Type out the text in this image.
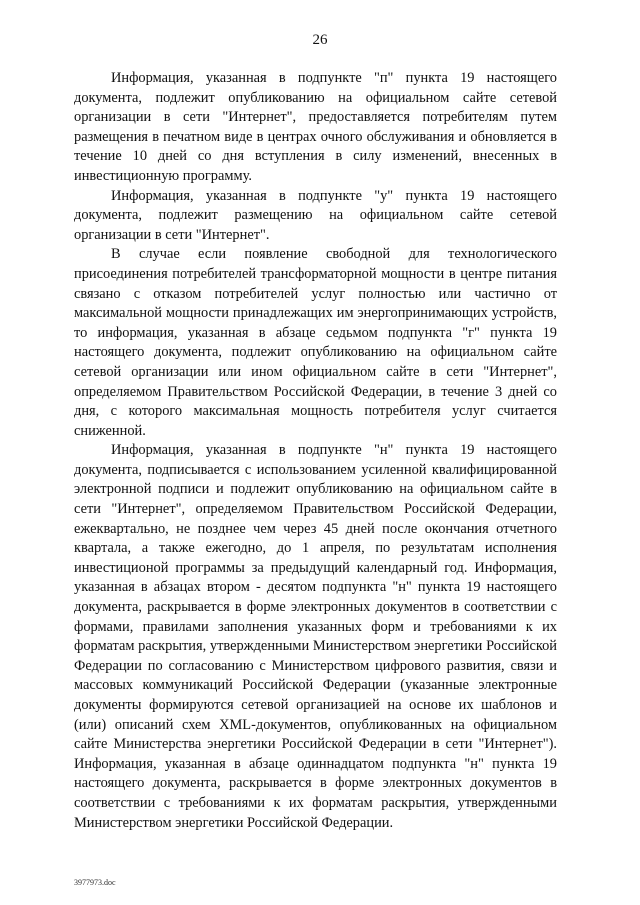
26

Информация, указанная в подпункте "п" пункта 19 настоящего документа, подлежит опубликованию на официальном сайте сетевой организации в сети "Интернет", предоставляется потребителям путем размещения в печатном виде в центрах очного обслуживания и обновляется в течение 10 дней со дня вступления в силу изменений, внесенных в инвестиционную программу.

Информация, указанная в подпункте "у" пункта 19 настоящего документа, подлежит размещению на официальном сайте сетевой организации в сети "Интернет".

В случае если появление свободной для технологического присоединения потребителей трансформаторной мощности в центре питания связано с отказом потребителей услуг полностью или частично от максимальной мощности принадлежащих им энергопринимающих устройств, то информация, указанная в абзаце седьмом подпункта "г" пункта 19 настоящего документа, подлежит опубликованию на официальном сайте сетевой организации или ином официальном сайте в сети "Интернет", определяемом Правительством Российской Федерации, в течение 3 дней со дня, с которого максимальная мощность потребителя услуг считается сниженной.

Информация, указанная в подпункте "н" пункта 19 настоящего документа, подписывается с использованием усиленной квалифицированной электронной подписи и подлежит опубликованию на официальном сайте в сети "Интернет", определяемом Правительством Российской Федерации, ежеквартально, не позднее чем через 45 дней после окончания отчетного квартала, а также ежегодно, до 1 апреля, по результатам исполнения инвестиционой программы за предыдущий календарный год. Информация, указанная в абзацах втором - десятом подпункта "н" пункта 19 настоящего документа, раскрывается в форме электронных документов в соответствии с формами, правилами заполнения указанных форм и требованиями к их форматам раскрытия, утвержденными Министерством энергетики Российской Федерации по согласованию с Министерством цифрового развития, связи и массовых коммуникаций Российской Федерации (указанные электронные документы формируются сетевой организацией на основе их шаблонов и (или) описаний схем XML-документов, опубликованных на официальном сайте Министерства энергетики Российской Федерации в сети "Интернет"). Информация, указанная в абзаце одиннадцатом подпункта "н" пункта 19 настоящего документа, раскрывается в форме электронных документов в соответствии с требованиями к их форматам раскрытия, утвержденными Министерством энергетики Российской Федерации.

3977973.doc
